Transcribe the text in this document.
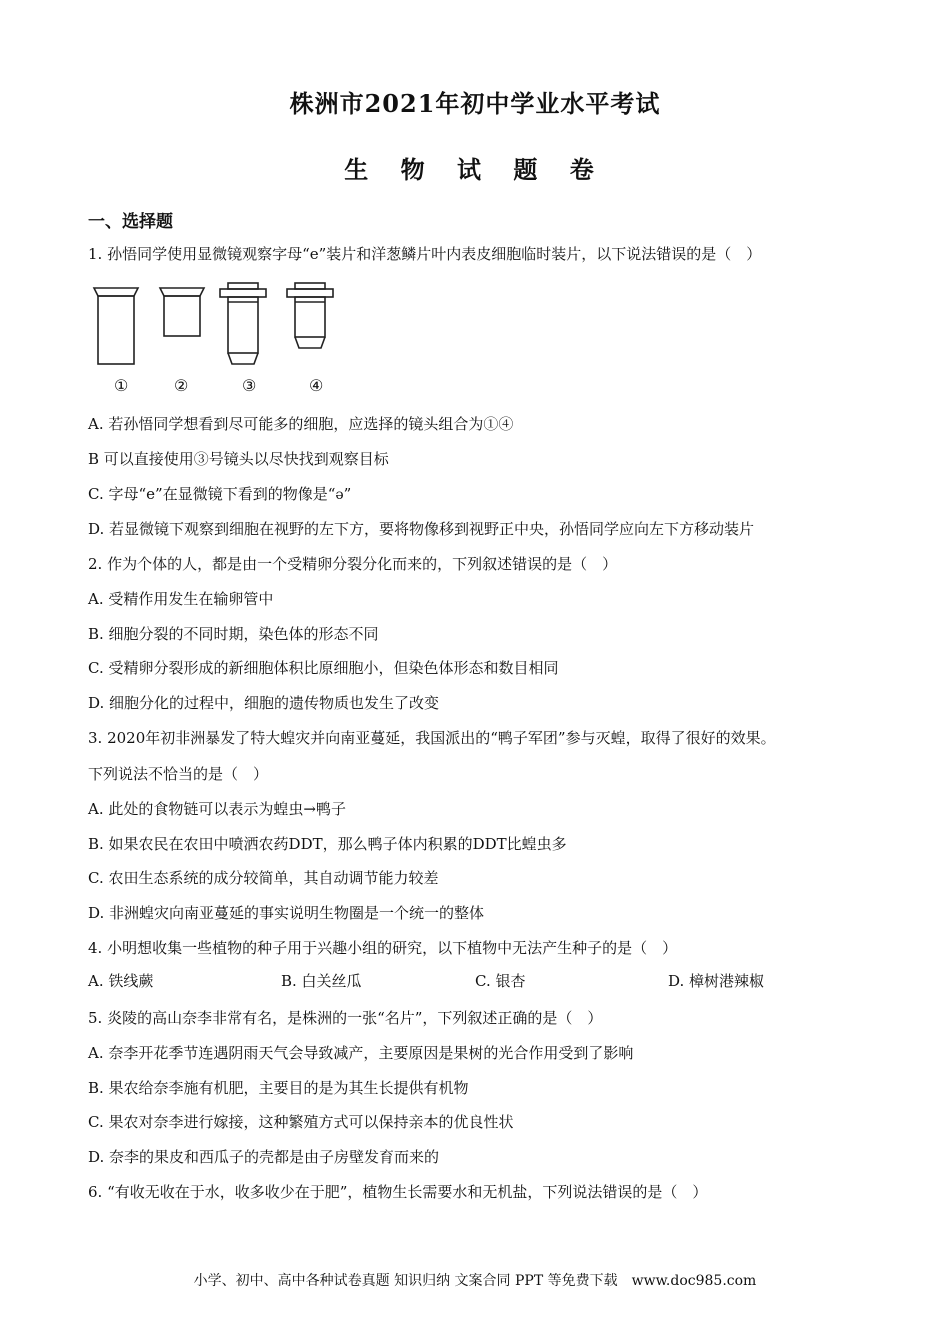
株洲市2021年初中学业水平考试
生 物 试 题 卷
一、选择题
1. 孙悟同学使用显微镜观察字母“e”装片和洋葱鳞片叶内表皮细胞临时装片，以下说法错误的是（　）
①	②	③	④
A. 若孙悟同学想看到尽可能多的细胞，应选择的镜头组合为①④
B 可以直接使用③号镜头以尽快找到观察目标
C. 字母“e”在显微镜下看到的物像是“ə”
D. 若显微镜下观察到细胞在视野的左下方，要将物像移到视野正中央，孙悟同学应向左下方移动装片
2. 作为个体的人，都是由一个受精卵分裂分化而来的，下列叙述错误的是（　）
A. 受精作用发生在输卵管中
B. 细胞分裂的不同时期，染色体的形态不同
C. 受精卵分裂形成的新细胞体积比原细胞小，但染色体形态和数目相同
D. 细胞分化的过程中，细胞的遗传物质也发生了改变
3. 2020年初非洲暴发了特大蝗灾并向南亚蔓延，我国派出的“鸭子军团”参与灭蝗，取得了很好的效果。
下列说法不恰当的是（　）
A. 此处的食物链可以表示为蝗虫→鸭子
B. 如果农民在农田中喷洒农药DDT，那么鸭子体内积累的DDT比蝗虫多
C. 农田生态系统的成分较简单，其自动调节能力较差
D. 非洲蝗灾向南亚蔓延的事实说明生物圈是一个统一的整体
4. 小明想收集一些植物的种子用于兴趣小组的研究，以下植物中无法产生种子的是（　）
A. 铁线蕨	B. 白关丝瓜	C. 银杏	D. 樟树港辣椒
5. 炎陵的高山奈李非常有名，是株洲的一张“名片”，下列叙述正确的是（　）
A. 奈李开花季节连遇阴雨天气会导致减产，主要原因是果树的光合作用受到了影响
B. 果农给奈李施有机肥，主要目的是为其生长提供有机物
C. 果农对奈李进行嫁接，这种繁殖方式可以保持亲本的优良性状
D. 奈李的果皮和西瓜子的壳都是由子房壁发育而来的
6. “有收无收在于水，收多收少在于肥”，植物生长需要水和无机盐，下列说法错误的是（　）
小学、初中、高中各种试卷真题 知识归纳 文案合同 PPT 等免费下载　www.doc985.com
